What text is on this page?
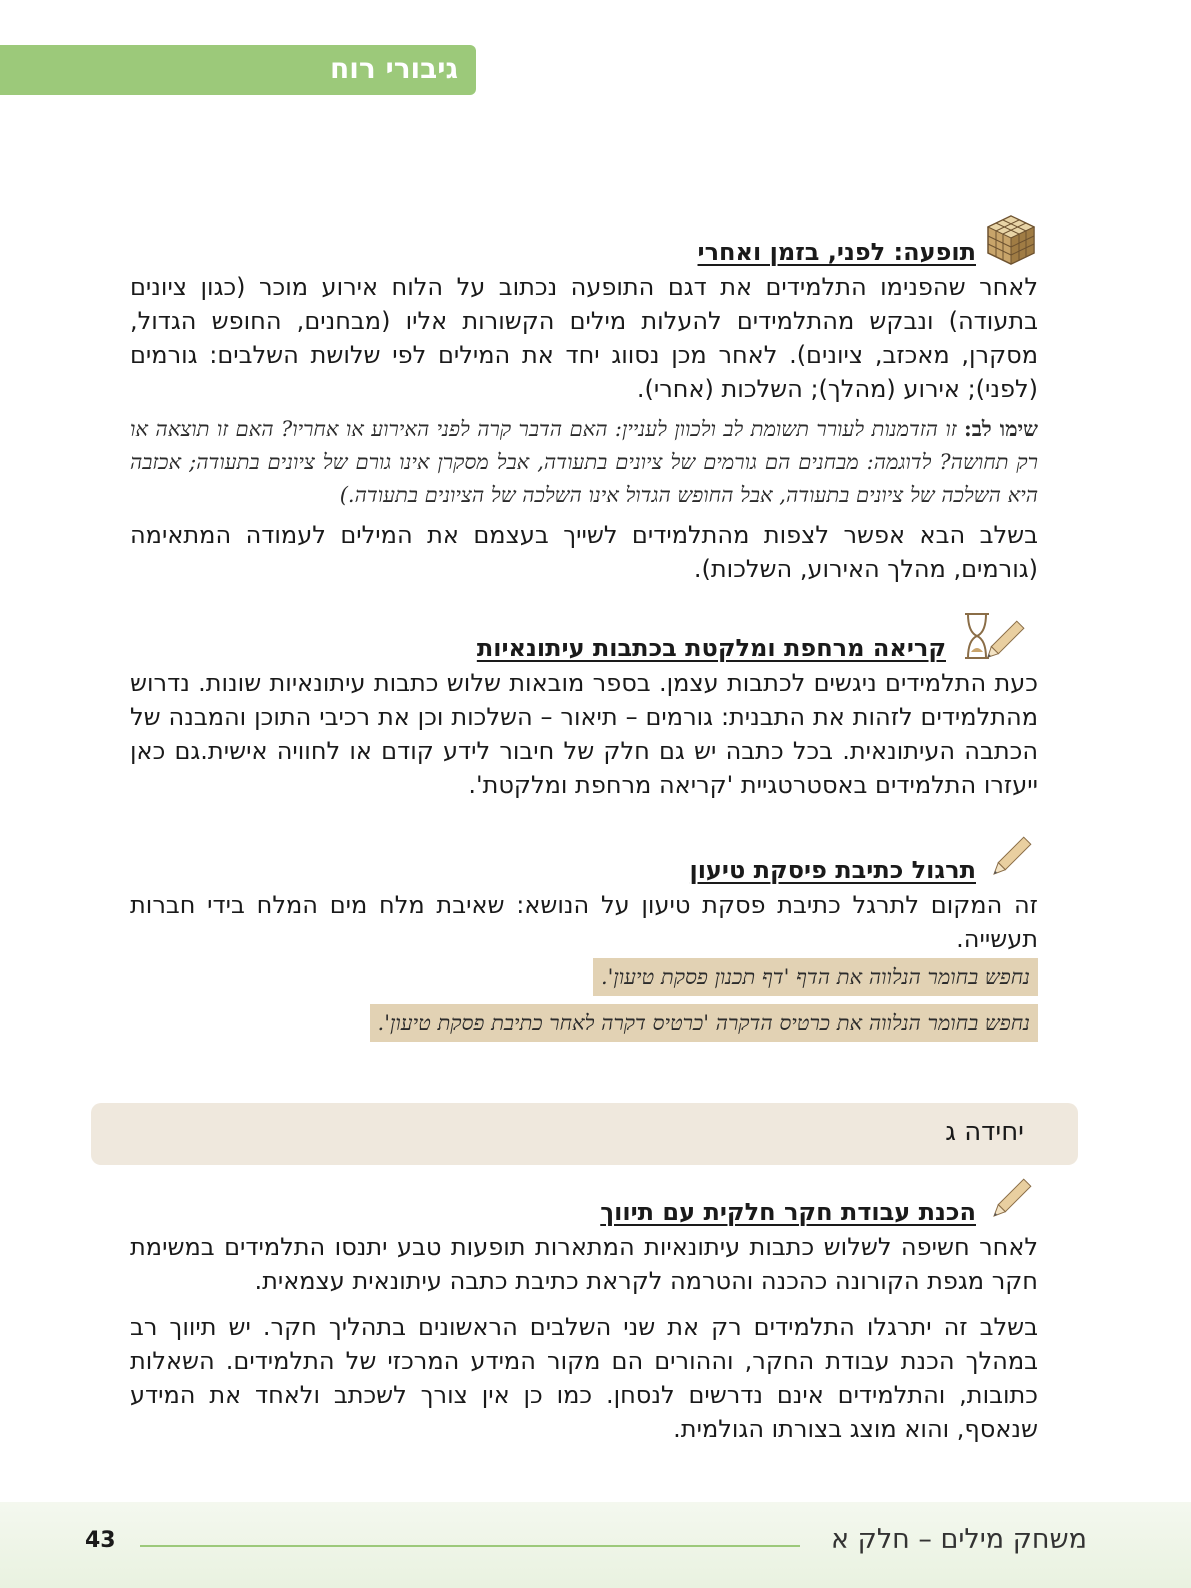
גיבורי רוח
תופעה: לפני, בזמן ואחרי

לאחר שהפנימו התלמידים את דגם התופעה נכתוב על הלוח אירוע מוכר (כגון ציונים בתעודה) ונבקש מהתלמידים להעלות מילים הקשורות אליו (מבחנים, החופש הגדול, מסקרן, מאכזב, ציונים). לאחר מכן נסווג יחד את המילים לפי שלושת השלבים: גורמים (לפני); אירוע (מהלך); השלכות (אחרי).

שימו לב: זו הזדמנות לעורר תשומת לב ולכוון לעניין: האם הדבר קרה לפני האירוע או אחריו? האם זו תוצאה או רק תחושה? לדוגמה: מבחנים הם גורמים של ציונים בתעודה, אבל מסקרן אינו גורם של ציונים בתעודה; אכזבה היא השלכה של ציונים בתעודה, אבל החופש הגדול אינו השלכה של הציונים בתעודה.)

בשלב הבא אפשר לצפות מהתלמידים לשייך בעצמם את המילים לעמודה המתאימה (גורמים, מהלך האירוע, השלכות).

קריאה מרחפת ומלקטת בכתבות עיתונאיות

כעת התלמידים ניגשים לכתבות עצמן. בספר מובאות שלוש כתבות עיתונאיות שונות. נדרוש מהתלמידים לזהות את התבנית: גורמים – תיאור – השלכות וכן את רכיבי התוכן והמבנה של הכתבה העיתונאית. בכל כתבה יש גם חלק של חיבור לידע קודם או לחוויה אישית.גם כאן ייעזרו התלמידים באסטרטגיית 'קריאה מרחפת ומלקטת'.

תרגול כתיבת פיסקת טיעון

זה המקום לתרגל כתיבת פסקת טיעון על הנושא: שאיבת מלח מים המלח בידי חברות תעשייה.

נחפש בחומר הנלווה את הדף 'דף תכנון פסקת טיעון'.
נחפש בחומר הנלווה את כרטיס הדקרה 'כרטיס דקרה לאחר כתיבת פסקת טיעון'.
יחידה ג
הכנת עבודת חקר חלקית עם תיווך

לאחר חשיפה לשלוש כתבות עיתונאיות המתארות תופעות טבע יתנסו התלמידים במשימת חקר מגפת הקורונה כהכנה והטרמה לקראת כתיבת כתבה עיתונאית עצמאית.

בשלב זה יתרגלו התלמידים רק את שני השלבים הראשונים בתהליך חקר. יש תיווך רב במהלך הכנת עבודת החקר, וההורים הם מקור המידע המרכזי של התלמידים. השאלות כתובות, והתלמידים אינם נדרשים לנסחן. כמו כן אין צורך לשכתב ולאחד את המידע שנאסף, והוא מוצג בצורתו הגולמית.

43	משחק מילים – חלק א
